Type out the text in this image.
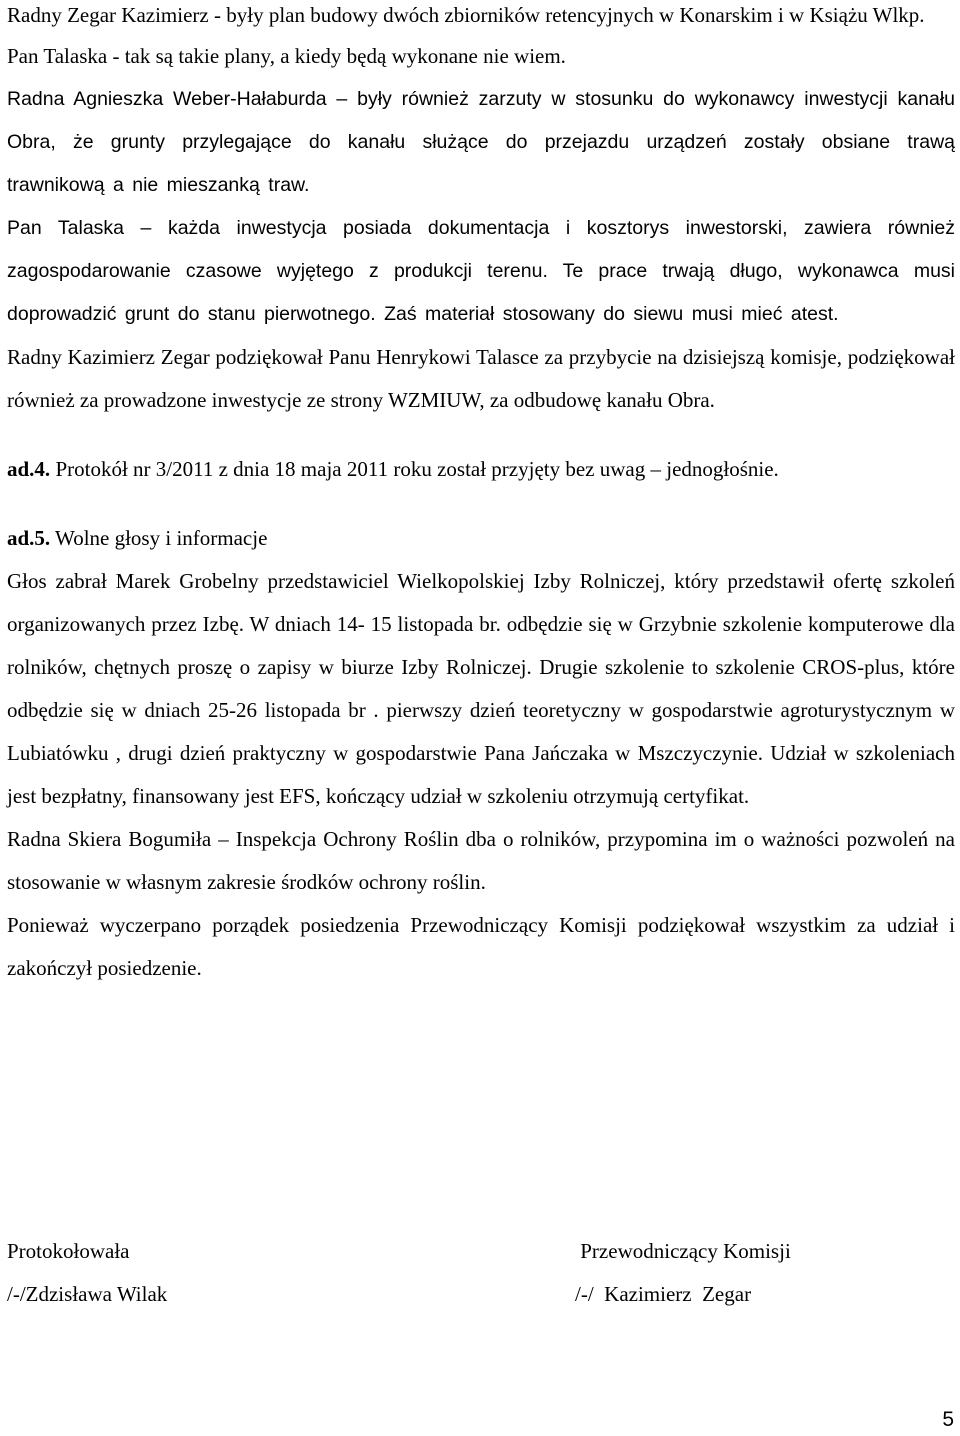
Radny Zegar Kazimierz - były plan budowy dwóch zbiorników retencyjnych w Konarskim i w Książu Wlkp.

Pan Talaska - tak są takie plany, a kiedy będą wykonane nie wiem.

Radna Agnieszka Weber-Hałaburda – były również zarzuty w stosunku do wykonawcy inwestycji kanału Obra, że grunty przylegające do kanału służące do przejazdu urządzeń zostały obsiane trawą trawnikową a nie mieszanką traw.

Pan Talaska – każda inwestycja posiada dokumentacja i kosztorys inwestorski, zawiera również zagospodarowanie czasowe wyjętego z produkcji terenu. Te prace trwają długo, wykonawca musi doprowadzić grunt do stanu pierwotnego. Zaś materiał stosowany do siewu musi mieć atest.

Radny Kazimierz Zegar podziękował Panu Henrykowi Talasce za przybycie na dzisiejszą komisje, podziękował również za prowadzone inwestycje ze strony WZMIUW, za odbudowę kanału Obra.

ad.4. Protokół nr 3/2011 z dnia 18 maja 2011 roku został przyjęty bez uwag – jednogłośnie.

ad.5. Wolne głosy i informacje

Głos zabrał Marek Grobelny przedstawiciel Wielkopolskiej Izby Rolniczej, który przedstawił ofertę szkoleń organizowanych przez Izbę. W dniach 14- 15 listopada br. odbędzie się w Grzybnie szkolenie komputerowe dla rolników, chętnych proszę o zapisy w biurze Izby Rolniczej. Drugie szkolenie to szkolenie CROS-plus, które odbędzie się w dniach 25-26 listopada br . pierwszy dzień teoretyczny w gospodarstwie agroturystycznym w Lubiatówku , drugi dzień praktyczny w gospodarstwie Pana Jańczaka w Mszczyczynie. Udział w szkoleniach jest bezpłatny, finansowany jest EFS, kończący udział w szkoleniu otrzymują certyfikat.

Radna Skiera Bogumiła – Inspekcja Ochrony Roślin dba o rolników, przypomina im o ważności pozwoleń na stosowanie w własnym zakresie środków ochrony roślin.

Ponieważ wyczerpano porządek posiedzenia Przewodniczący Komisji podziękował wszystkim za udział i zakończył posiedzenie.

Protokołowała
/-/Zdzisława Wilak
Przewodniczący Komisji
/-/  Kazimierz  Zegar
5
